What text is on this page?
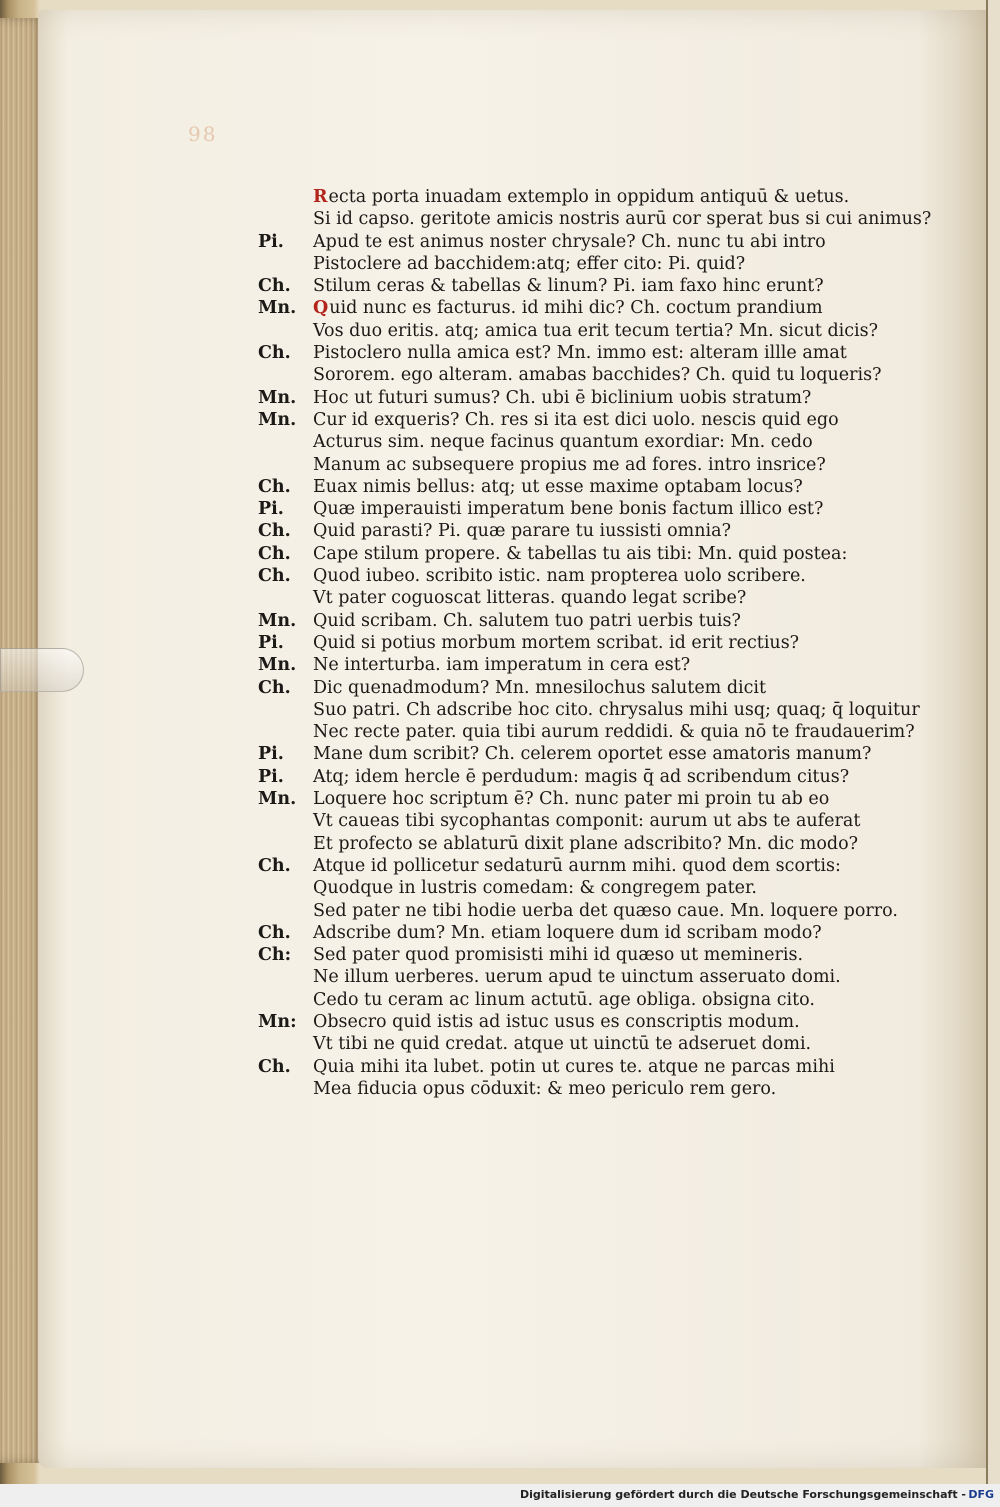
98
Recta porta inuadam extemplo in oppidum antiquū & uetus.
Si id capso. geritote amicis nostris aurū cor sperat bus si cui animus?
Pi.	Apud te est animus noster chrysale? Ch. nunc tu abi intro
Pistoclere ad bacchidem:atq; effer cito: Pi. quid?
Ch.	Stilum ceras & tabellas & linum? Pi. iam faxo hinc erunt?
Mn. Quid nunc es facturus. id mihi dic? Ch. coctum prandium
Vos duo eritis. atq; amica tua erit tecum tertia? Mn. sicut dicis?
Ch.	Pistoclero nulla amica est? Mn. immo est: alteram illle amat
Sororem. ego alteram. amabas bacchides? Ch. quid tu loqueris?
Mn. Hoc ut futuri sumus? Ch. ubi ē biclinium uobis stratum?
Mn. Cur id exqueris? Ch. res si ita est dici uolo. nescis quid ego
Acturus sim. neque facinus quantum exordiar: Mn. cedo
Manum ac subsequere propius me ad fores. intro insrice?
Ch.	Euax nimis bellus: atq; ut esse maxime optabam locus?
Pi.	Quæ imperauisti imperatum bene bonis factum illico est?
Ch.	Quid parasti? Pi. quæ parare tu iussisti omnia?
Ch.	Cape stilum propere. & tabellas tu ais tibi: Mn. quid postea:
Ch.	Quod iubeo. scribito istic. nam propterea uolo scribere.
Vt pater coguoscat litteras. quando legat scribe?
Mn. Quid scribam. Ch. salutem tuo patri uerbis tuis?
Pi.	Quid si potius morbum mortem scribat. id erit rectius?
Mn. Ne interturba. iam imperatum in cera est?
Ch.	Dic quenadmodum? Mn. mnesilochus salutem dicit
Suo patri. Ch adscribe hoc cito. chrysalus mihi usq; quaq; q̄ loquitur
Nec recte pater. quia tibi aurum reddidi. & quia nō te fraudauerim?
Pi.	Mane dum scribit? Ch. celerem oportet esse amatoris manum?
Pi.	Atq; idem hercle ē perdudum: magis q̄ ad scribendum citus?
Mn. Loquere hoc scriptum ē? Ch. nunc pater mi proin tu ab eo
Vt caueas tibi sycophantas componit: aurum ut abs te auferat
Et profecto se ablaturū dixit plane adscribito? Mn. dic modo?
Ch.	Atque id pollicetur sedaturū aurnm mihi. quod dem scortis:
Quodque in lustris comedam: & congregem pater.
Sed pater ne tibi hodie uerba det quæso caue. Mn. loquere porro.
Ch.	Adscribe dum? Mn. etiam loquere dum id scribam modo?
Ch:	Sed pater quod promisisti mihi id quæso ut memineris.
Ne illum uerberes. uerum apud te uinctum asseruato domi.
Cedo tu ceram ac linum actutū. age obliga. obsigna cito.
Mn: Obsecro quid istis ad istuc usus es conscriptis modum.
Vt tibi ne quid credat. atque ut uinctū te adseruet domi.
Ch.	Quia mihi ita lubet. potin ut cures te. atque ne parcas mihi
Mea fiducia opus cōduxit: & meo periculo rem gero.
Digitalisierung gefördert durch die Deutsche Forschungsgemeinschaft - DFG
